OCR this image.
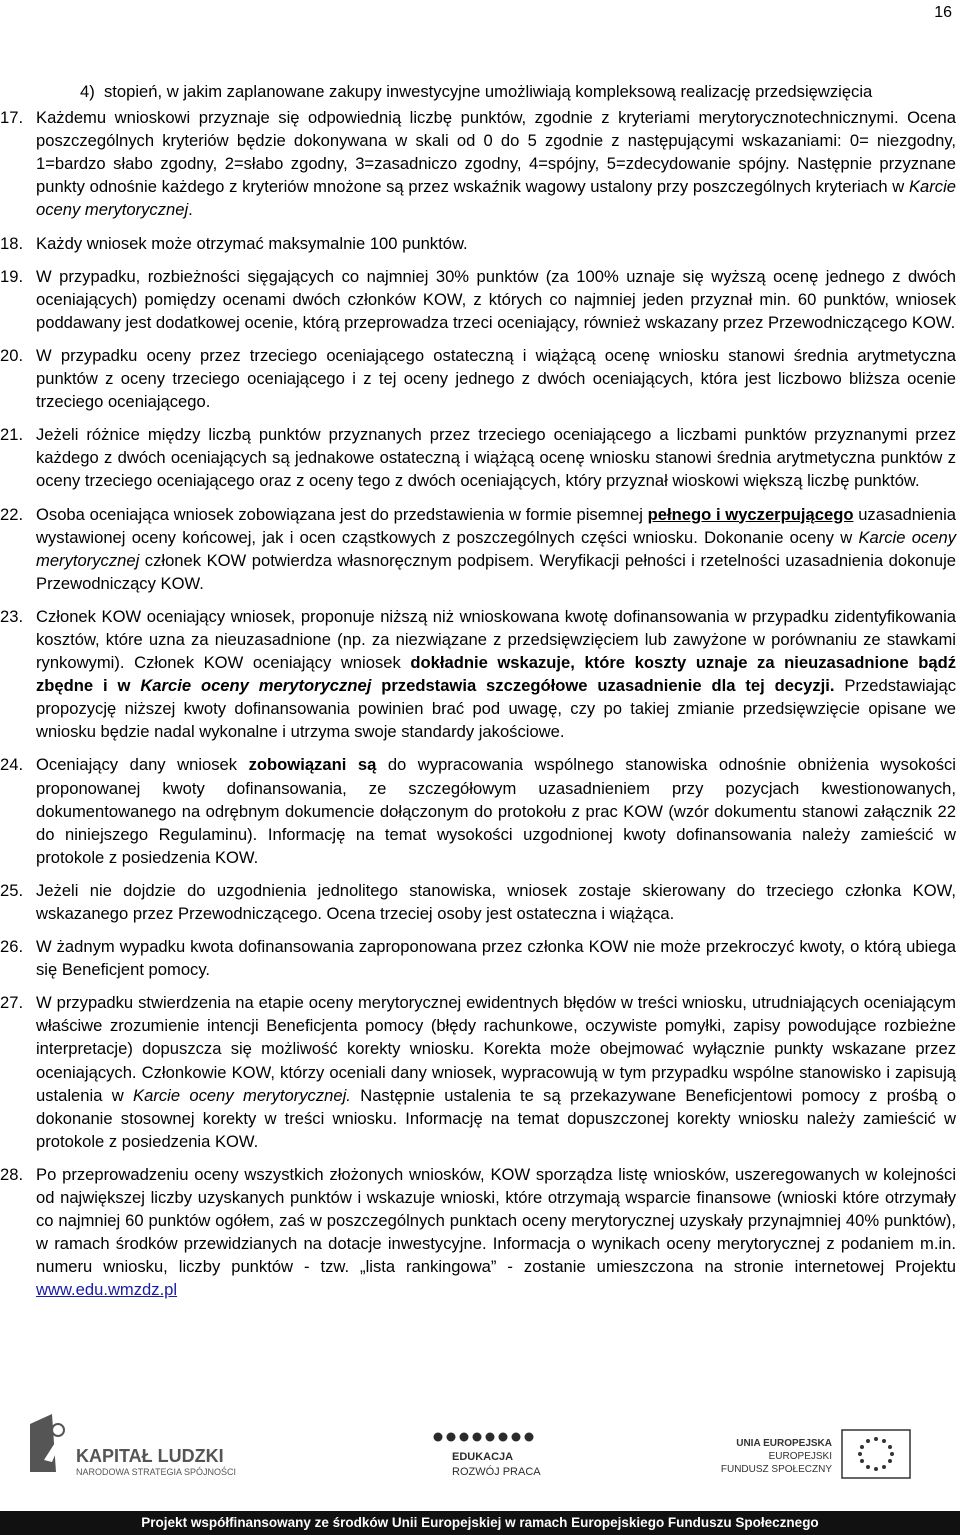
16

4) stopień, w jakim zaplanowane zakupy inwestycyjne umożliwiają kompleksową realizację przedsięwzięcia

17. Każdemu wnioskowi przyznaje się odpowiednią liczbę punktów, zgodnie z kryteriami merytorycznotechnicznymi. Ocena poszczególnych kryteriów będzie dokonywana w skali od 0 do 5 zgodnie z następującymi wskazaniami: 0= niezgodny, 1=bardzo słabo zgodny, 2=słabo zgodny, 3=zasadniczo zgodny, 4=spójny, 5=zdecydowanie spójny. Następnie przyznane punkty odnośnie każdego z kryteriów mnożone są przez wskaźnik wagowy ustalony przy poszczególnych kryteriach w Karcie oceny merytorycznej.

18. Każdy wniosek może otrzymać maksymalnie 100 punktów.

19. W przypadku, rozbieżności sięgających co najmniej 30% punktów (za 100% uznaje się wyższą ocenę jednego z dwóch oceniających) pomiędzy ocenami dwóch członków KOW, z których co najmniej jeden przyznał min. 60 punktów, wniosek poddawany jest dodatkowej ocenie, którą przeprowadza trzeci oceniający, również wskazany przez Przewodniczącego KOW.

20. W przypadku oceny przez trzeciego oceniającego ostateczną i wiążącą ocenę wniosku stanowi średnia arytmetyczna punktów z oceny trzeciego oceniającego i z tej oceny jednego z dwóch oceniających, która jest liczbowo bliższa ocenie trzeciego oceniającego.

21. Jeżeli różnice między liczbą punktów przyznanych przez trzeciego oceniającego a liczbami punktów przyznanymi przez każdego z dwóch oceniających są jednakowe ostateczną i wiążącą ocenę wniosku stanowi średnia arytmetyczna punktów z oceny trzeciego oceniającego oraz z oceny tego z dwóch oceniających, który przyznał wioskowi większą liczbę punktów.

22. Osoba oceniająca wniosek zobowiązana jest do przedstawienia w formie pisemnej pełnego i wyczerpującego uzasadnienia wystawionej oceny końcowej, jak i ocen cząstkowych z poszczególnych części wniosku. Dokonanie oceny w Karcie oceny merytorycznej członek KOW potwierdza własnoręcznym podpisem. Weryfikacji pełności i rzetelności uzasadnienia dokonuje Przewodniczący KOW.

23. Członek KOW oceniający wniosek, proponuje niższą niż wnioskowana kwotę dofinansowania w przypadku zidentyfikowania kosztów, które uzna za nieuzasadnione (np. za niezwiązane z przedsięwzięciem lub zawyżone w porównaniu ze stawkami rynkowymi). Członek KOW oceniający wniosek dokładnie wskazuje, które koszty uznaje za nieuzasadnione bądź zbędne i w Karcie oceny merytorycznej przedstawia szczegółowe uzasadnienie dla tej decyzji. Przedstawiając propozycję niższej kwoty dofinansowania powinien brać pod uwagę, czy po takiej zmianie przedsięwzięcie opisane we wniosku będzie nadal wykonalne i utrzyma swoje standardy jakościowe.

24. Oceniający dany wniosek zobowiązani są do wypracowania wspólnego stanowiska odnośnie obniżenia wysokości proponowanej kwoty dofinansowania, ze szczegółowym uzasadnieniem przy pozycjach kwestionowanych, dokumentowanego na odrębnym dokumencie dołączonym do protokołu z prac KOW (wzór dokumentu stanowi załącznik 22 do niniejszego Regulaminu). Informację na temat wysokości uzgodnionej kwoty dofinansowania należy zamieścić w protokole z posiedzenia KOW.

25. Jeżeli nie dojdzie do uzgodnienia jednolitego stanowiska, wniosek zostaje skierowany do trzeciego członka KOW, wskazanego przez Przewodniczącego. Ocena trzeciej osoby jest ostateczna i wiążąca.

26. W żadnym wypadku kwota dofinansowania zaproponowana przez członka KOW nie może przekroczyć kwoty, o którą ubiega się Beneficjent pomocy.

27. W przypadku stwierdzenia na etapie oceny merytorycznej ewidentnych błędów w treści wniosku, utrudniających oceniającym właściwe zrozumienie intencji Beneficjenta pomocy (błędy rachunkowe, oczywiste pomyłki, zapisy powodujące rozbieżne interpretacje) dopuszcza się możliwość korekty wniosku. Korekta może obejmować wyłącznie punkty wskazane przez oceniających. Członkowie KOW, którzy oceniali dany wniosek, wypracowują w tym przypadku wspólne stanowisko i zapisują ustalenia w Karcie oceny merytorycznej. Następnie ustalenia te są przekazywane Beneficjentowi pomocy z prośbą o dokonanie stosownej korekty w treści wniosku. Informację na temat dopuszczonej korekty wniosku należy zamieścić w protokole z posiedzenia KOW.

28. Po przeprowadzeniu oceny wszystkich złożonych wniosków, KOW sporządza listę wniosków, uszeregowanych w kolejności od największej liczby uzyskanych punktów i wskazuje wnioski, które otrzymają wsparcie finansowe (wnioski które otrzymały co najmniej 60 punktów ogółem, zaś w poszczególnych punktach oceny merytorycznej uzyskały przynajmniej 40% punktów), w ramach środków przewidzianych na dotacje inwestycyjne. Informacja o wynikach oceny merytorycznej z podaniem m.in. numeru wniosku, liczby punktów - tzw. „lista rankingowa” - zostanie umieszczona na stronie internetowej Projektu www.edu.wmzdz.pl

KAPITAŁ LUDZKI
NARODOWA STRATEGIA SPÓJNOŚCI
EDUKACJA
ROZWÓJ PRACA
UNIA EUROPEJSKA
EUROPEJSKI
FUNDUSZ SPOŁECZNY
Projekt współfinansowany ze środków Unii Europejskiej w ramach Europejskiego Funduszu Społecznego
